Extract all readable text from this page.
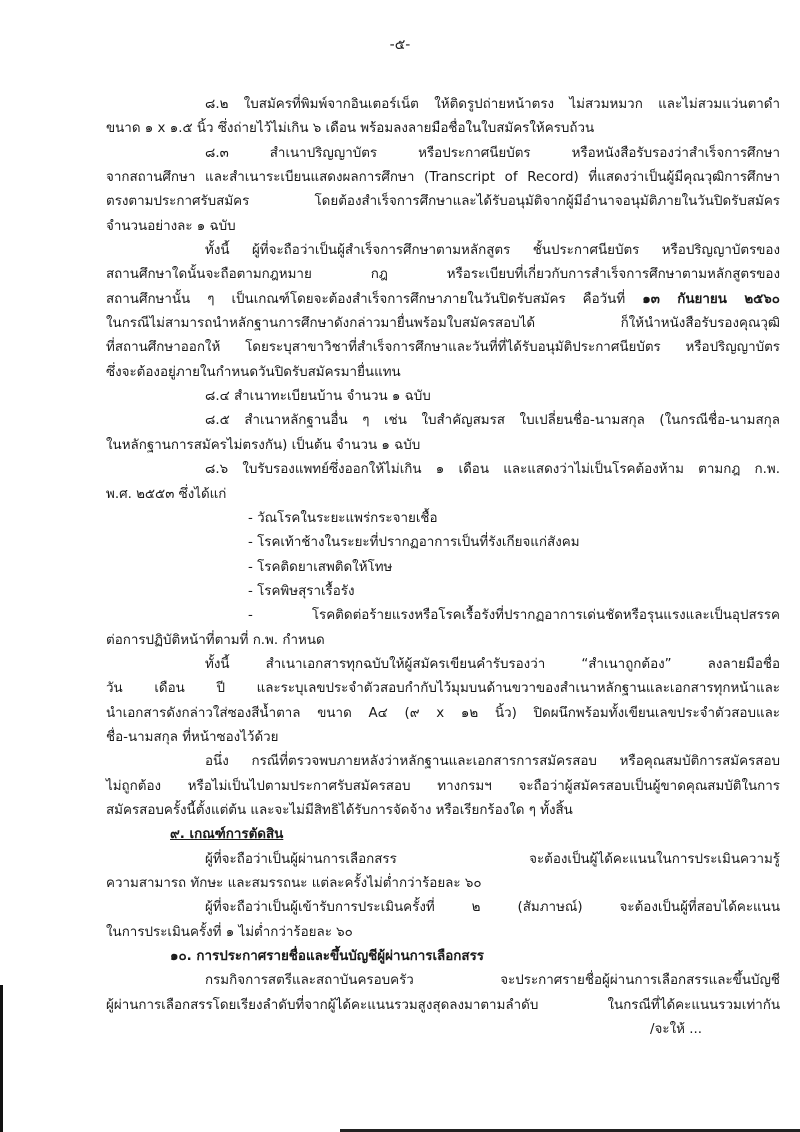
-๕-
๘.๒ ใบสมัครที่พิมพ์จากอินเตอร์เน็ต ให้ติดรูปถ่ายหน้าตรง ไม่สวมหมวก และไม่สวมแว่นตาดำ
ขนาด ๑ x ๑.๕ นิ้ว ซึ่งถ่ายไว้ไม่เกิน ๖ เดือน พร้อมลงลายมือชื่อในใบสมัครให้ครบถ้วน
๘.๓ สำเนาปริญญาบัตร หรือประกาศนียบัตร หรือหนังสือรับรองว่าสำเร็จการศึกษา
จากสถานศึกษา และสำเนาระเบียนแสดงผลการศึกษา (Transcript of Record) ที่แสดงว่าเป็นผู้มีคุณวุฒิการศึกษา
ตรงตามประกาศรับสมัคร โดยต้องสำเร็จการศึกษาและได้รับอนุมัติจากผู้มีอำนาจอนุมัติภายในวันปิดรับสมัคร
จำนวนอย่างละ ๑ ฉบับ
ทั้งนี้ ผู้ที่จะถือว่าเป็นผู้สำเร็จการศึกษาตามหลักสูตร ชั้นประกาศนียบัตร หรือปริญญาบัตรของ
สถานศึกษาใดนั้นจะถือตามกฎหมาย กฎ หรือระเบียบที่เกี่ยวกับการสำเร็จการศึกษาตามหลักสูตรของ
สถานศึกษานั้น ๆ เป็นเกณฑ์โดยจะต้องสำเร็จการศึกษาภายในวันปิดรับสมัคร คือวันที่ ๑๓ กันยายน ๒๕๖๐
ในกรณีไม่สามารถนำหลักฐานการศึกษาดังกล่าวมายื่นพร้อมใบสมัครสอบได้ ก็ให้นำหนังสือรับรองคุณวุฒิ
ที่สถานศึกษาออกให้ โดยระบุสาขาวิชาที่สำเร็จการศึกษาและวันที่ที่ได้รับอนุมัติประกาศนียบัตร หรือปริญญาบัตร
ซึ่งจะต้องอยู่ภายในกำหนดวันปิดรับสมัครมายื่นแทน
๘.๔ สำเนาทะเบียนบ้าน จำนวน ๑ ฉบับ
๘.๕ สำเนาหลักฐานอื่น ๆ เช่น ใบสำคัญสมรส ใบเปลี่ยนชื่อ-นามสกุล (ในกรณีชื่อ-นามสกุล
ในหลักฐานการสมัครไม่ตรงกัน) เป็นต้น จำนวน ๑ ฉบับ
๘.๖ ใบรับรองแพทย์ซึ่งออกให้ไม่เกิน ๑ เดือน และแสดงว่าไม่เป็นโรคต้องห้าม ตามกฎ ก.พ.
พ.ศ. ๒๕๕๓ ซึ่งได้แก่
- วัณโรคในระยะแพร่กระจายเชื้อ
- โรคเท้าช้างในระยะที่ปรากฏอาการเป็นที่รังเกียจแก่สังคม
- โรคติดยาเสพติดให้โทษ
- โรคพิษสุราเรื้อรัง
- โรคติดต่อร้ายแรงหรือโรคเรื้อรังที่ปรากฏอาการเด่นชัดหรือรุนแรงและเป็นอุปสรรค
ต่อการปฏิบัติหน้าที่ตามที่ ก.พ. กำหนด
ทั้งนี้ สำเนาเอกสารทุกฉบับให้ผู้สมัครเขียนคำรับรองว่า “สำเนาถูกต้อง” ลงลายมือชื่อ
วัน เดือน ปี และระบุเลขประจำตัวสอบกำกับไว้มุมบนด้านขวาของสำเนาหลักฐานและเอกสารทุกหน้าและ
นำเอกสารดังกล่าวใส่ซองสีน้ำตาล ขนาด A๔ (๙ x ๑๒ นิ้ว) ปิดผนึกพร้อมทั้งเขียนเลขประจำตัวสอบและ
ชื่อ-นามสกุล ที่หน้าซองไว้ด้วย
อนึ่ง กรณีที่ตรวจพบภายหลังว่าหลักฐานและเอกสารการสมัครสอบ หรือคุณสมบัติการสมัครสอบ
ไม่ถูกต้อง หรือไม่เป็นไปตามประกาศรับสมัครสอบ ทางกรมฯ จะถือว่าผู้สมัครสอบเป็นผู้ขาดคุณสมบัติในการ
สมัครสอบครั้งนี้ตั้งแต่ต้น และจะไม่มีสิทธิได้รับการจัดจ้าง หรือเรียกร้องใด ๆ ทั้งสิ้น
๙. เกณฑ์การตัดสิน
ผู้ที่จะถือว่าเป็นผู้ผ่านการเลือกสรร จะต้องเป็นผู้ได้คะแนนในการประเมินความรู้
ความสามารถ ทักษะ และสมรรถนะ แต่ละครั้งไม่ต่ำกว่าร้อยละ ๖๐
ผู้ที่จะถือว่าเป็นผู้เข้ารับการประเมินครั้งที่ ๒ (สัมภาษณ์) จะต้องเป็นผู้ที่สอบได้คะแนน
ในการประเมินครั้งที่ ๑ ไม่ต่ำกว่าร้อยละ ๖๐
๑๐. การประกาศรายชื่อและขึ้นบัญชีผู้ผ่านการเลือกสรร
กรมกิจการสตรีและสถาบันครอบครัว จะประกาศรายชื่อผู้ผ่านการเลือกสรรและขึ้นบัญชี
ผู้ผ่านการเลือกสรรโดยเรียงลำดับที่จากผู้ได้คะแนนรวมสูงสุดลงมาตามลำดับ ในกรณีที่ได้คะแนนรวมเท่ากัน
/จะให้ ...
